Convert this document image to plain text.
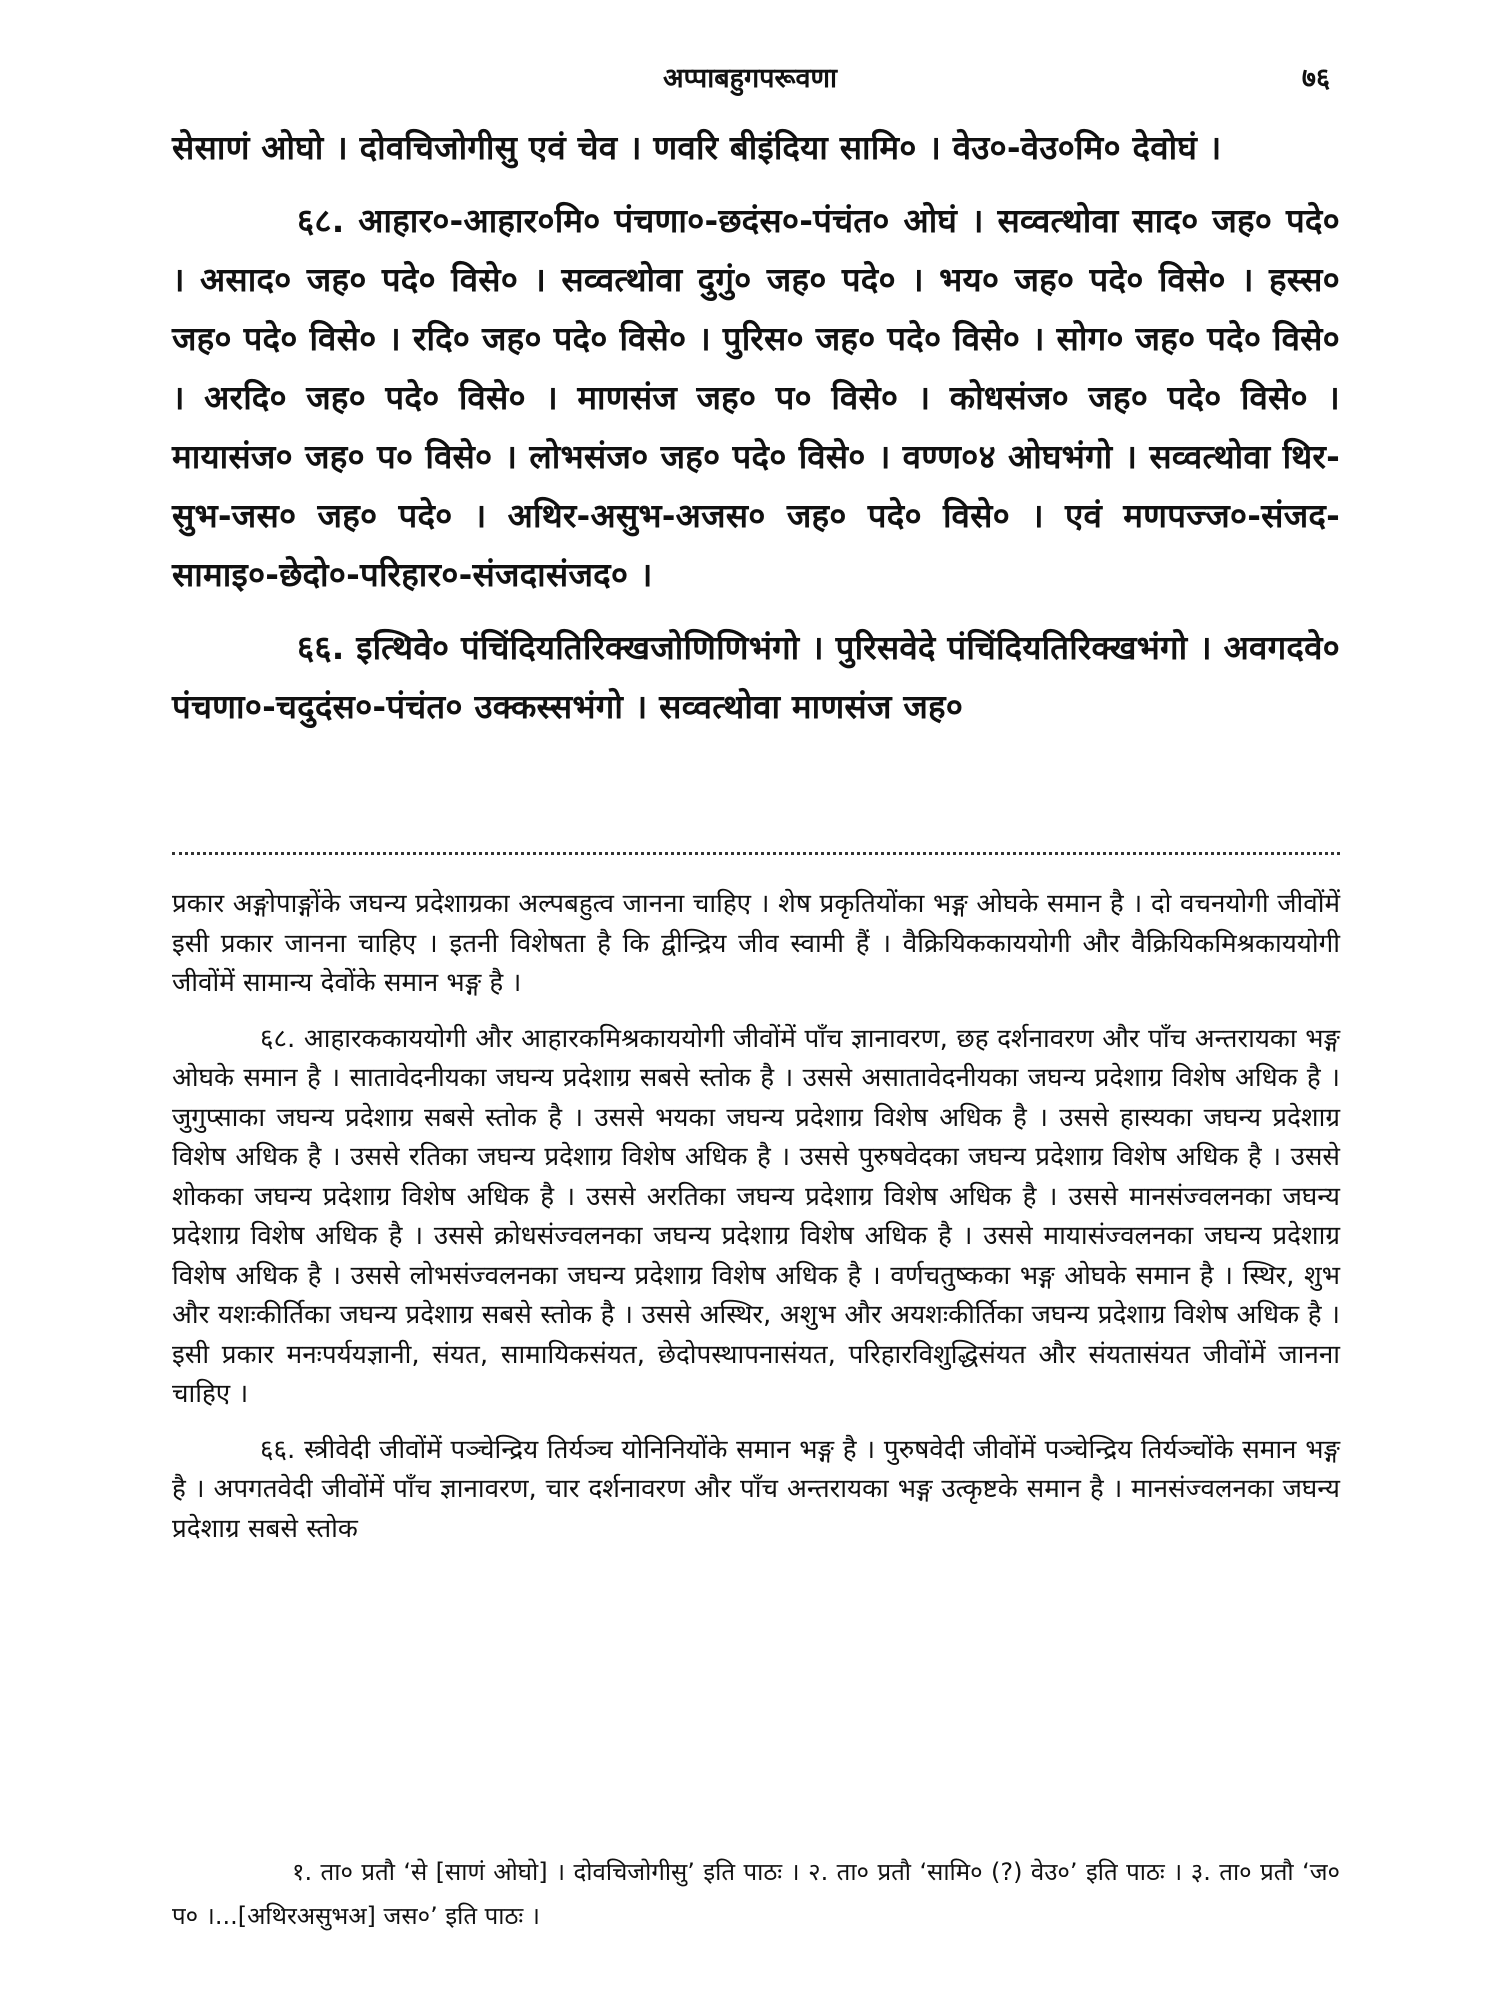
अप्पाबहुगपरूवणा	७६

सेसाणं ओघो । दोवचिजोगीसु एवं चेव । णवरि बीइंदिया सामि० । वेउ०-वेउ०मि० देवोघं ।

६८. आहार०-आहार०मि० पंचणा०-छदंस०-पंचंत० ओघं । सव्वत्थोवा साद० जह० पदे० । असाद० जह० पदे० विसे० । सव्वत्थोवा दुगुं० जह० पदे० । भय० जह० पदे० विसे० । हस्स० जह० पदे० विसे० । रदि० जह० पदे० विसे० । पुरिस० जह० पदे० विसे० । सोग० जह० पदे० विसे० । अरदि० जह० पदे० विसे० । माणसंज जह० प० विसे० । कोधसंज० जह० पदे० विसे० । मायासंज० जह० प० विसे० । लोभसंज० जह० पदे० विसे० । वण्ण०४ ओघभंगो । सव्वत्थोवा थिर-सुभ-जस० जह० पदे० । अथिर-असुभ-अजस० जह० पदे० विसे० । एवं मणपज्ज०-संजद-सामाइ०-छेदो०-परिहार०-संजदासंजद० ।

६६. इत्थिवे० पंचिंदियतिरिक्खजोणिणिभंगो । पुरिसवेदे पंचिंदियतिरिक्खभंगो । अवगदवे० पंचणा०-चदुदंस०-पंचंत० उक्कस्सभंगो । सव्वत्थोवा माणसंज जह०

प्रकार अङ्गोपाङ्गोंके जघन्य प्रदेशाग्रका अल्पबहुत्व जानना चाहिए । शेष प्रकृतियोंका भङ्ग ओघके समान है । दो वचनयोगी जीवोंमें इसी प्रकार जानना चाहिए । इतनी विशेषता है कि द्वीन्द्रिय जीव स्वामी हैं । वैक्रियिककाययोगी और वैक्रियिकमिश्रकाययोगी जीवोंमें सामान्य देवोंके समान भङ्ग है ।

६८. आहारककाययोगी और आहारकमिश्रकाययोगी जीवोंमें पाँच ज्ञानावरण, छह दर्शनावरण और पाँच अन्तरायका भङ्ग ओघके समान है । सातावेदनीयका जघन्य प्रदेशाग्र सबसे स्तोक है । उससे असातावेदनीयका जघन्य प्रदेशाग्र विशेष अधिक है । जुगुप्साका जघन्य प्रदेशाग्र सबसे स्तोक है । उससे भयका जघन्य प्रदेशाग्र विशेष अधिक है । उससे हास्यका जघन्य प्रदेशाग्र विशेष अधिक है । उससे रतिका जघन्य प्रदेशाग्र विशेष अधिक है । उससे पुरुषवेदका जघन्य प्रदेशाग्र विशेष अधिक है । उससे शोकका जघन्य प्रदेशाग्र विशेष अधिक है । उससे अरतिका जघन्य प्रदेशाग्र विशेष अधिक है । उससे मानसंज्वलनका जघन्य प्रदेशाग्र विशेष अधिक है । उससे क्रोधसंज्वलनका जघन्य प्रदेशाग्र विशेष अधिक है । उससे मायासंज्वलनका जघन्य प्रदेशाग्र विशेष अधिक है । उससे लोभसंज्वलनका जघन्य प्रदेशाग्र विशेष अधिक है । वर्णचतुष्कका भङ्ग ओघके समान है । स्थिर, शुभ और यशःकीर्तिका जघन्य प्रदेशाग्र सबसे स्तोक है । उससे अस्थिर, अशुभ और अयशःकीर्तिका जघन्य प्रदेशाग्र विशेष अधिक है । इसी प्रकार मनःपर्ययज्ञानी, संयत, सामायिकसंयत, छेदोपस्थापनासंयत, परिहारविशुद्धिसंयत और संयतासंयत जीवोंमें जानना चाहिए ।

६६. स्त्रीवेदी जीवोंमें पञ्चेन्द्रिय तिर्यञ्च योनिनियोंके समान भङ्ग है । पुरुषवेदी जीवोंमें पञ्चेन्द्रिय तिर्यञ्चोंके समान भङ्ग है । अपगतवेदी जीवोंमें पाँच ज्ञानावरण, चार दर्शनावरण और पाँच अन्तरायका भङ्ग उत्कृष्टके समान है । मानसंज्वलनका जघन्य प्रदेशाग्र सबसे स्तोक

१. ता० प्रतौ ‘से [साणं ओघो] । दोवचिजोगीसु’ इति पाठः । २. ता० प्रतौ ‘सामि० (?) वेउ०’ इति पाठः । ३. ता० प्रतौ ‘ज० प० ।...[अथिरअसुभअ] जस०’ इति पाठः ।
